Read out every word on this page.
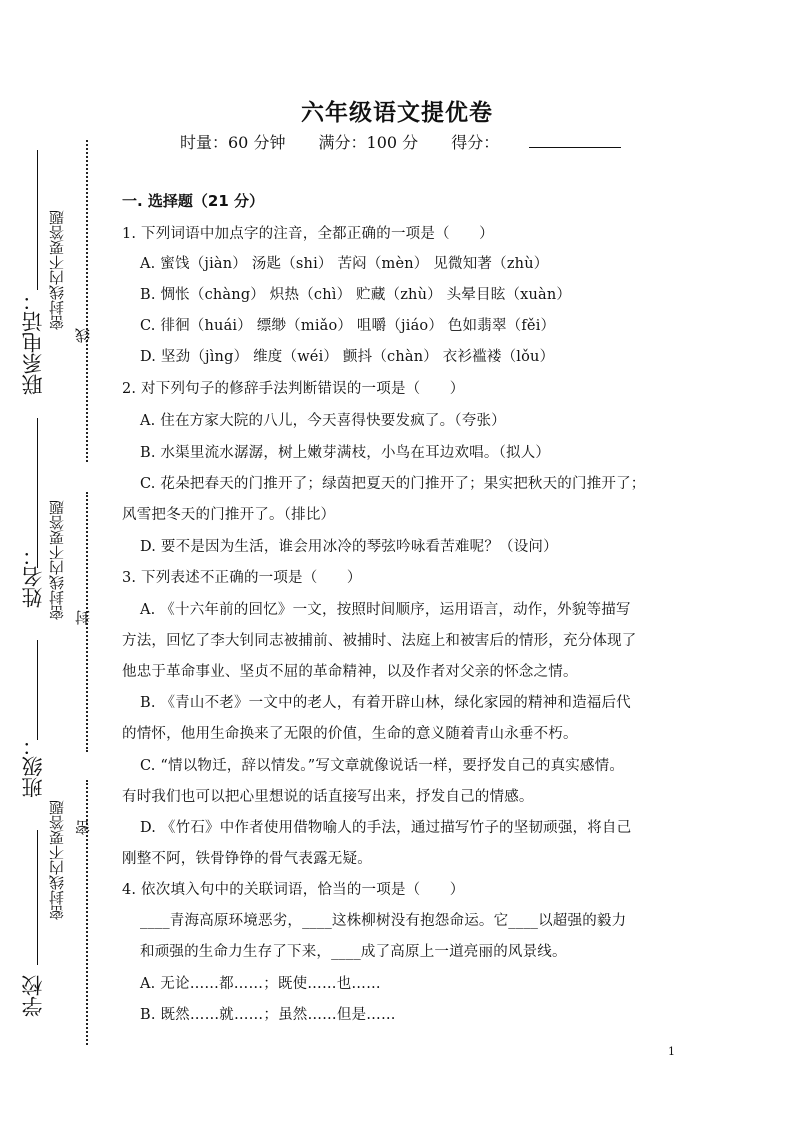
六年级语文提优卷
时量：60 分钟 满分：100 分 得分：
一. 选择题（21 分）
1. 下列词语中加点字的注音，全都正确的一项是（　　）
A. 蜜饯（jiàn） 汤匙（shi） 苦闷（mèn） 见微知著（zhù）
B. 惆怅（chàng） 炽热（chì） 贮藏（zhù） 头晕目眩（xuàn）
C. 徘徊（huái） 缥缈（miǎo） 咀嚼（jiáo） 色如翡翠（fěi）
D. 坚劲（jìng） 维度（wéi） 颤抖（chàn） 衣衫褴褛（lǒu）
2. 对下列句子的修辞手法判断错误的一项是（　　）
A. 住在方家大院的八儿，今天喜得快要发疯了。（夸张）
B. 水渠里流水潺潺，树上嫩芽满枝，小鸟在耳边欢唱。（拟人）
C. 花朵把春天的门推开了；绿茵把夏天的门推开了；果实把秋天的门推开了；
风雪把冬天的门推开了。（排比）
D. 要不是因为生活，谁会用冰冷的琴弦吟咏看苦难呢？（设问）
3. 下列表述不正确的一项是（　　）
A. 《十六年前的回忆》一文，按照时间顺序，运用语言，动作，外貌等描写
方法，回忆了李大钊同志被捕前、被捕时、法庭上和被害后的情形，充分体现了
他忠于革命事业、坚贞不屈的革命精神，以及作者对父亲的怀念之情。
B. 《青山不老》一文中的老人，有着开辟山林，绿化家园的精神和造福后代
的情怀，他用生命换来了无限的价值，生命的意义随着青山永垂不朽。
C. “情以物迁，辞以情发。”写文章就像说话一样，要抒发自己的真实感情。
有时我们也可以把心里想说的话直接写出来，抒发自己的情感。
D. 《竹石》中作者使用借物喻人的手法，通过描写竹子的坚韧顽强，将自己
刚整不阿，铁骨铮铮的骨气表露无疑。
4. 依次填入句中的关联词语，恰当的一项是（　　）
____青海高原环境恶劣，____这株柳树没有抱怨命运。它____以超强的毅力
和顽强的生命力生存了下来，____成了高原上一道亮丽的风景线。
A. 无论……都……；既使……也……
B. 既然……就……；虽然……但是……
联系电话：
姓名：
班级：
学校
密封线内不要答题
密封线内不要答题
密封线内不要答题
线
封
密
1
